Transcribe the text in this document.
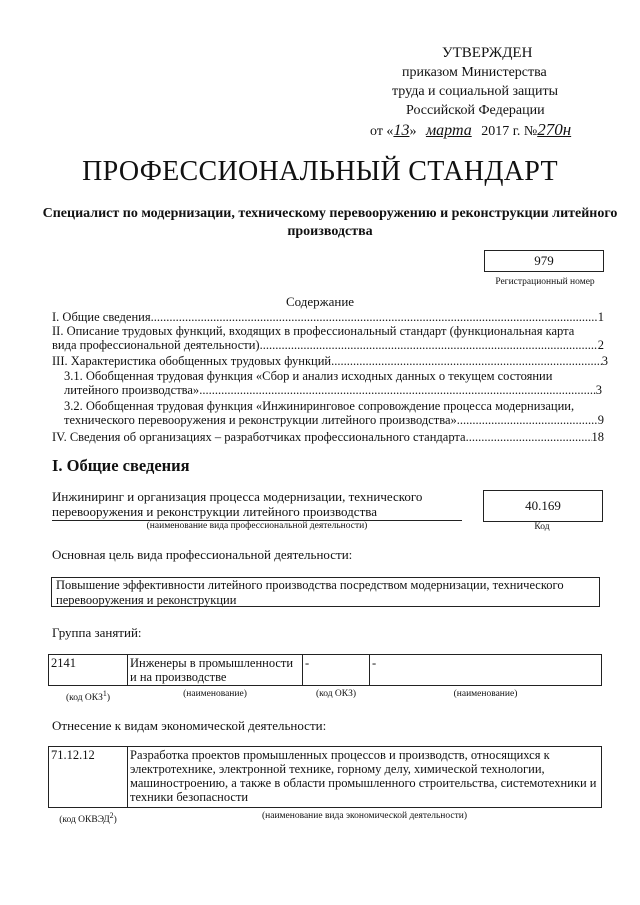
УТВЕРЖДЕН
приказом Министерства
труда и социальной защиты
Российской Федерации
от «13» марта 2017 г. №270н
ПРОФЕССИОНАЛЬНЫЙ СТАНДАРТ
Специалист по модернизации, техническому перевооружению и реконструкции литейного производства
979
Регистрационный номер
Содержание
I. Общие сведения .....	1
II. Описание трудовых функций, входящих в профессиональный стандарт (функциональная карта
вида профессиональной деятельности) .....	2
III. Характеристика обобщенных трудовых функций .....	3
3.1. Обобщенная трудовая функция «Сбор и анализ исходных данных о текущем состоянии
литейного производства» .....	3
3.2. Обобщенная трудовая функция «Инжиниринговое сопровождение процесса модернизации,
технического перевооружения и реконструкции литейного производства» .....	9
IV. Сведения об организациях – разработчиках профессионального стандарта .....	18
I. Общие сведения
Инжиниринг и организация процесса модернизации, технического перевооружения и реконструкции литейного производства
(наименование вида профессиональной деятельности)
40.169
Код
Основная цель вида профессиональной деятельности:
Повышение эффективности литейного производства посредством модернизации, технического перевооружения и реконструкции
Группа занятий:
2141	Инженеры в промышленности и на производстве	-	-
(код ОКЗ$^1$)	(наименование)	(код ОКЗ)	(наименование)
Отнесение к видам экономической деятельности:
71.12.12	Разработка проектов промышленных процессов и производств, относящихся к электротехнике, электронной технике, горному делу, химической технологии, машиностроению, а также в области промышленного строительства, системотехники и техники безопасности
(код ОКВЭД$^2$)	(наименование вида экономической деятельности)
